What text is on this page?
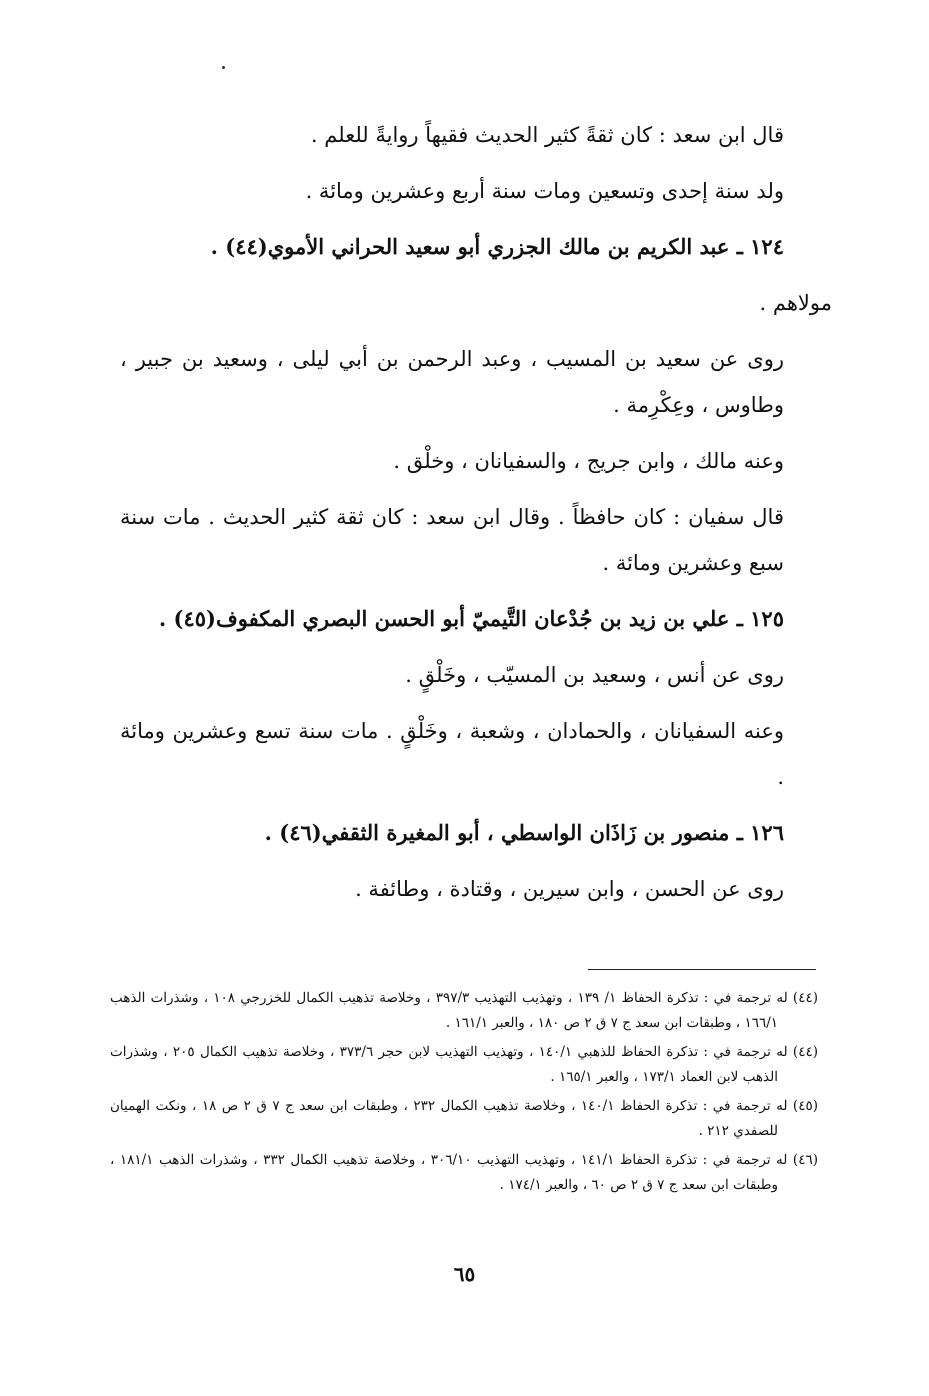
قال ابن سعد : كان ثقةً كثير الحديث فقيهاً روايةً للعلم .

ولد سنة إحدى وتسعين ومات سنة أربع وعشرين ومائة .

١٢٤ ـ عبد الكريم بن مالك الجزري أبو سعيد الحراني الأموي(٤٤) .

مولاهم .

روى عن سعيد بن المسيب ، وعبد الرحمن بن أبي ليلى ، وسعيد بن جبير ، وطاوس ، وعِكْرِمة .

وعنه مالك ، وابن جريج ، والسفيانان ، وخلْق .

قال سفيان : كان حافظاً . وقال ابن سعد : كان ثقة كثير الحديث . مات سنة سبع وعشرين ومائة .

١٢٥ ـ علي بن زيد بن جُدْعان التَّيميّ أبو الحسن البصري المكفوف(٤٥) .

روى عن أنس ، وسعيد بن المسيّب ، وخَلْقٍ .

وعنه السفيانان ، والحمادان ، وشعبة ، وخَلْقٍ . مات سنة تسع وعشرين ومائة .

١٢٦ ـ منصور بن زَاذَان الواسطي ، أبو المغيرة الثقفي(٤٦) .

روى عن الحسن ، وابن سيرين ، وقتادة ، وطائفة .

(٤٤) له ترجمة في : تذكرة الحفاظ ١/ ١٣٩ ، وتهذيب التهذيب ٣٩٧/٣ ، وخلاصة تذهيب الكمال للخزرجي ١٠٨ ، وشذرات الذهب ١٦٦/١ ، وطبقات ابن سعد ج ٧ ق ٢ ص ١٨٠ ، والعبر ١٦١/١ .

(٤٤) له ترجمة في : تذكرة الحفاظ للذهبي ١٤٠/١ ، وتهذيب التهذيب لابن حجر ٣٧٣/٦ ، وخلاصة تذهيب الكمال ٢٠٥ ، وشذرات الذهب لابن العماد ١٧٣/١ ، والعبر ١٦٥/١ .

(٤٥) له ترجمة في : تذكرة الحفاظ ١٤٠/١ ، وخلاصة تذهيب الكمال ٢٣٢ ، وطبقات ابن سعد ج ٧ ق ٢ ص ١٨ ، ونكت الهميان للصفدي ٢١٢ .

(٤٦) له ترجمة في : تذكرة الحفاظ ١٤١/١ ، وتهذيب التهذيب ٣٠٦/١٠ ، وخلاصة تذهيب الكمال ٣٣٢ ، وشذرات الذهب ١٨١/١ ، وطبقات ابن سعد ج ٧ ق ٢ ص ٦٠ ، والعبر ١٧٤/١ .

٦٥
